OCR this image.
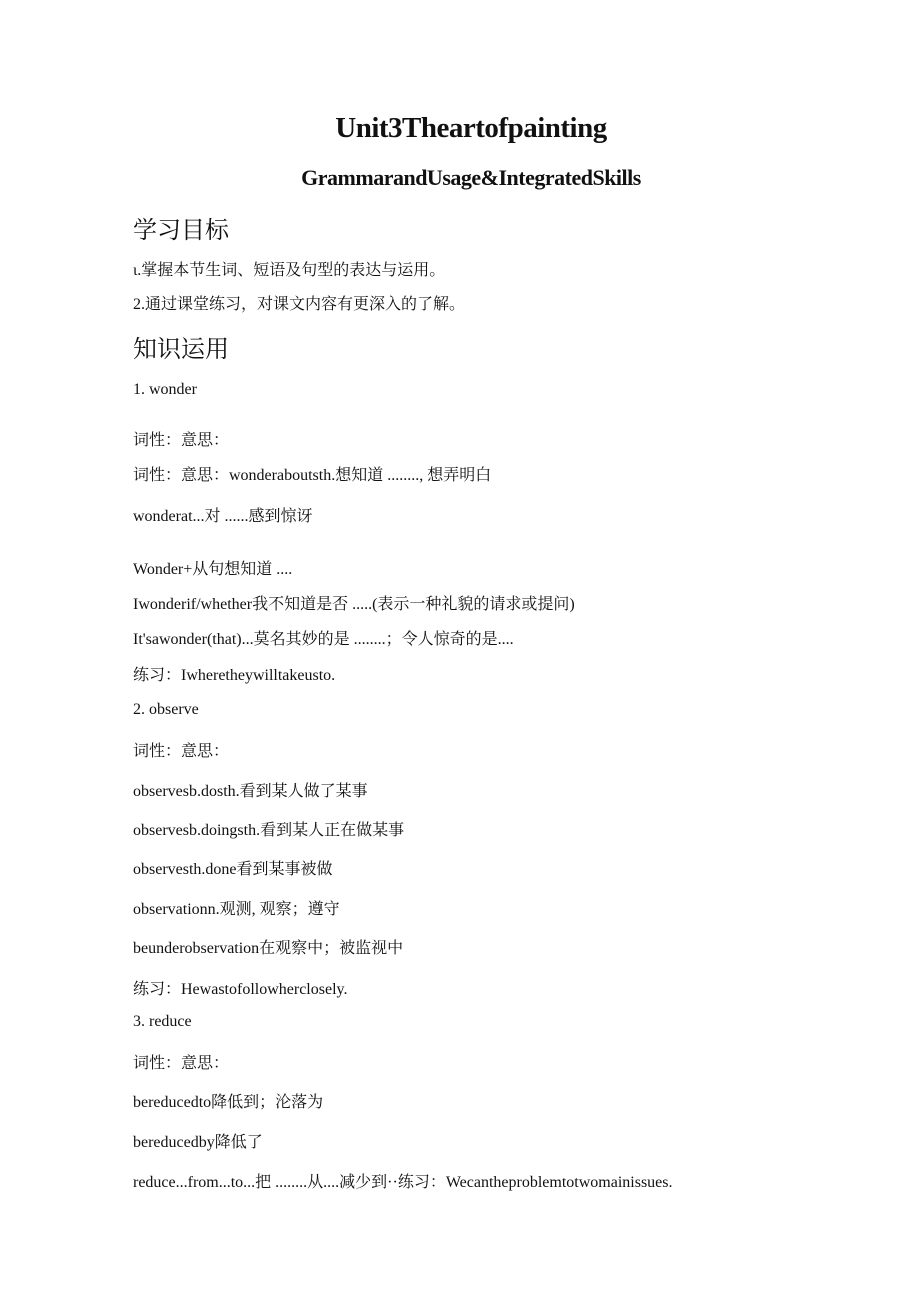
Unit3Theartofpainting
GrammarandUsage&IntegratedSkills
学习目标
ι.掌握本节生词、短语及句型的表达与运用。
2.通过课堂练习，对课文内容有更深入的了解。
知识运用
1. wonder
词性：意思：
词性：意思：wonderaboutsth.想知道 ........, 想弄明白
wonderat...对 ......感到惊讶
Wonder+从句想知道 ....
Iwonderif/whether我不知道是否 .....(表示一种礼貌的请求或提问)
It'sawonder(that)...莫名其妙的是 ........；令人惊奇的是....
练习：Iwheretheywilltakeusto.
2. observe
词性：意思：
observesb.dosth.看到某人做了某事
observesb.doingsth.看到某人正在做某事
observesth.done看到某事被做
observationn.观测, 观察；遵守
beunderobservation在观察中；被监视中
练习：Hewastofollowherclosely.
3. reduce
词性：意思：
bereducedto降低到；沦落为
bereducedby降低了
reduce...from...to...把 ........从....减少到··练习：Wecantheproblemtotwomainissues.
